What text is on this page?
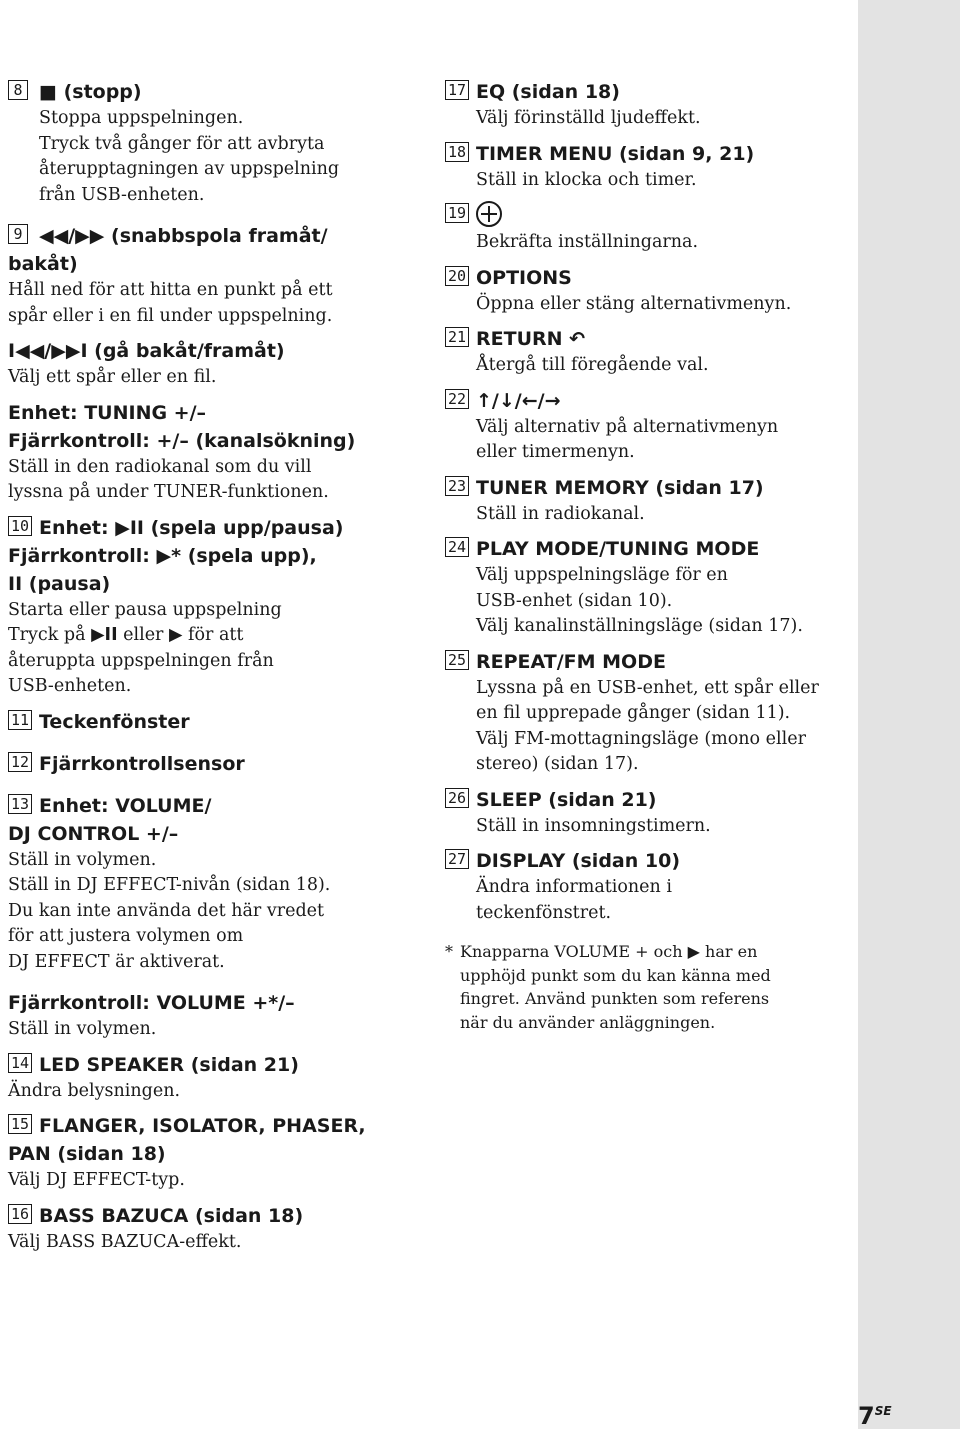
8 ■ (stopp)

Stoppa uppspelningen.

Tryck två gånger för att avbryta

återupptagningen av uppspelning

från USB-enheten.

9 ◀◀/▶▶ (snabbspola framåt/

bakåt)

Håll ned för att hitta en punkt på ett

spår eller i en fil under uppspelning.

I◀◀/▶▶I (gå bakåt/framåt)

Välj ett spår eller en fil.

Enhet: TUNING +/–

Fjärrkontroll: +/– (kanalsökning)

Ställ in den radiokanal som du vill

lyssna på under TUNER-funktionen.

10 Enhet: ▶II (spela upp/pausa)

Fjärrkontroll: ▶* (spela upp),

II (pausa)

Starta eller pausa uppspelning

Tryck på ▶II eller ▶ för att

återuppta uppspelningen från

USB-enheten.

11 Teckenfönster

12 Fjärrkontrollsensor

13 Enhet: VOLUME/

DJ CONTROL +/–

Ställ in volymen.

Ställ in DJ EFFECT-nivån (sidan 18).

Du kan inte använda det här vredet

för att justera volymen om

DJ EFFECT är aktiverat.

Fjärrkontroll: VOLUME +*/–

Ställ in volymen.

14 LED SPEAKER (sidan 21)

Ändra belysningen.

15 FLANGER, ISOLATOR, PHASER,

PAN (sidan 18)

Välj DJ EFFECT-typ.

16 BASS BAZUCA (sidan 18)

Välj BASS BAZUCA-effekt.

17 EQ (sidan 18)

Välj förinställd ljudeffekt.

18 TIMER MENU (sidan 9, 21)

Ställ in klocka och timer.

19

Bekräfta inställningarna.

20 OPTIONS

Öppna eller stäng alternativmenyn.

21 RETURN ↶

Återgå till föregående val.

22 ↑/↓/←/→

Välj alternativ på alternativmenyn

eller timermenyn.

23 TUNER MEMORY (sidan 17)

Ställ in radiokanal.

24 PLAY MODE/TUNING MODE

Välj uppspelningsläge för en

USB-enhet (sidan 10).

Välj kanalinställningsläge (sidan 17).

25 REPEAT/FM MODE

Lyssna på en USB-enhet, ett spår eller

en fil upprepade gånger (sidan 11).

Välj FM-mottagningsläge (mono eller

stereo) (sidan 17).

26 SLEEP (sidan 21)

Ställ in insomningstimern.

27 DISPLAY (sidan 10)

Ändra informationen i

teckenfönstret.

* Knapparna VOLUME + och ▶ har en

upphöjd punkt som du kan känna med

fingret. Använd punkten som referens

när du använder anläggningen.

$7^{SE}$
